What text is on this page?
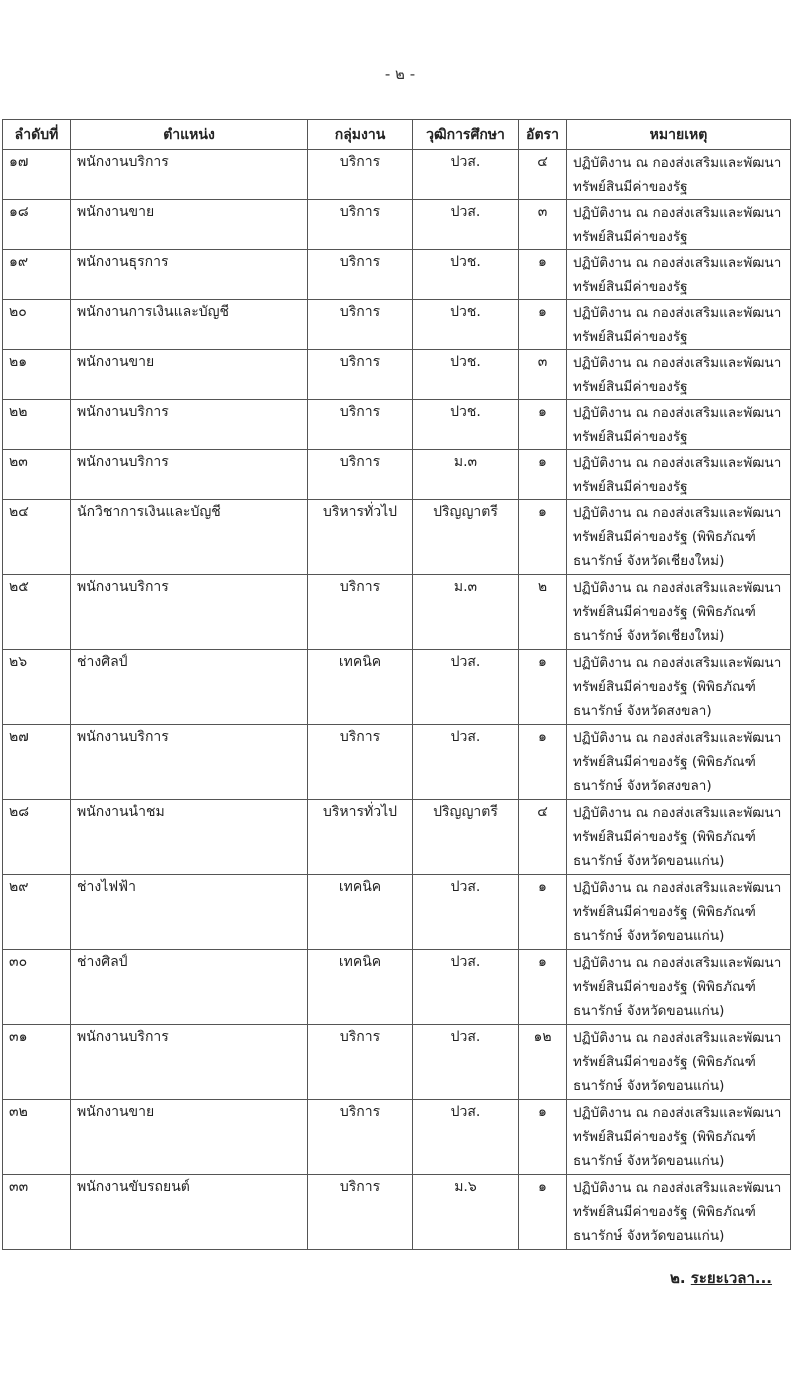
- ๒ -
ลำดับที่	ตำแหน่ง	กลุ่มงาน	วุฒิการศึกษา	อัตรา	หมายเหตุ
๑๗	พนักงานบริการ	บริการ	ปวส.	๔	ปฏิบัติงาน ณ กองส่งเสริมและพัฒนา
ทรัพย์สินมีค่าของรัฐ

๑๘	พนักงานขาย	บริการ	ปวส.	๓	ปฏิบัติงาน ณ กองส่งเสริมและพัฒนา
ทรัพย์สินมีค่าของรัฐ

๑๙	พนักงานธุรการ	บริการ	ปวช.	๑	ปฏิบัติงาน ณ กองส่งเสริมและพัฒนา
ทรัพย์สินมีค่าของรัฐ

๒๐	พนักงานการเงินและบัญชี	บริการ	ปวช.	๑	ปฏิบัติงาน ณ กองส่งเสริมและพัฒนา
ทรัพย์สินมีค่าของรัฐ

๒๑	พนักงานขาย	บริการ	ปวช.	๓	ปฏิบัติงาน ณ กองส่งเสริมและพัฒนา
ทรัพย์สินมีค่าของรัฐ

๒๒	พนักงานบริการ	บริการ	ปวช.	๑	ปฏิบัติงาน ณ กองส่งเสริมและพัฒนา
ทรัพย์สินมีค่าของรัฐ

๒๓	พนักงานบริการ	บริการ	ม.๓	๑	ปฏิบัติงาน ณ กองส่งเสริมและพัฒนา
ทรัพย์สินมีค่าของรัฐ

๒๔	นักวิชาการเงินและบัญชี	บริหารทั่วไป	ปริญญาตรี	๑	ปฏิบัติงาน ณ กองส่งเสริมและพัฒนา
ทรัพย์สินมีค่าของรัฐ (พิพิธภัณฑ์
ธนารักษ์ จังหวัดเชียงใหม่)

๒๕	พนักงานบริการ	บริการ	ม.๓	๒	ปฏิบัติงาน ณ กองส่งเสริมและพัฒนา
ทรัพย์สินมีค่าของรัฐ (พิพิธภัณฑ์
ธนารักษ์ จังหวัดเชียงใหม่)

๒๖	ช่างศิลป์	เทคนิค	ปวส.	๑	ปฏิบัติงาน ณ กองส่งเสริมและพัฒนา
ทรัพย์สินมีค่าของรัฐ (พิพิธภัณฑ์
ธนารักษ์ จังหวัดสงขลา)

๒๗	พนักงานบริการ	บริการ	ปวส.	๑	ปฏิบัติงาน ณ กองส่งเสริมและพัฒนา
ทรัพย์สินมีค่าของรัฐ (พิพิธภัณฑ์
ธนารักษ์ จังหวัดสงขลา)

๒๘	พนักงานนำชม	บริหารทั่วไป	ปริญญาตรี	๔	ปฏิบัติงาน ณ กองส่งเสริมและพัฒนา
ทรัพย์สินมีค่าของรัฐ (พิพิธภัณฑ์
ธนารักษ์ จังหวัดขอนแก่น)

๒๙	ช่างไฟฟ้า	เทคนิค	ปวส.	๑	ปฏิบัติงาน ณ กองส่งเสริมและพัฒนา
ทรัพย์สินมีค่าของรัฐ (พิพิธภัณฑ์
ธนารักษ์ จังหวัดขอนแก่น)

๓๐	ช่างศิลป์	เทคนิค	ปวส.	๑	ปฏิบัติงาน ณ กองส่งเสริมและพัฒนา
ทรัพย์สินมีค่าของรัฐ (พิพิธภัณฑ์
ธนารักษ์ จังหวัดขอนแก่น)

๓๑	พนักงานบริการ	บริการ	ปวส.	๑๒	ปฏิบัติงาน ณ กองส่งเสริมและพัฒนา
ทรัพย์สินมีค่าของรัฐ (พิพิธภัณฑ์
ธนารักษ์ จังหวัดขอนแก่น)

๓๒	พนักงานขาย	บริการ	ปวส.	๑	ปฏิบัติงาน ณ กองส่งเสริมและพัฒนา
ทรัพย์สินมีค่าของรัฐ (พิพิธภัณฑ์
ธนารักษ์ จังหวัดขอนแก่น)

๓๓	พนักงานขับรถยนต์	บริการ	ม.๖	๑	ปฏิบัติงาน ณ กองส่งเสริมและพัฒนา
ทรัพย์สินมีค่าของรัฐ (พิพิธภัณฑ์
ธนารักษ์ จังหวัดขอนแก่น)
๒. ระยะเวลา...
